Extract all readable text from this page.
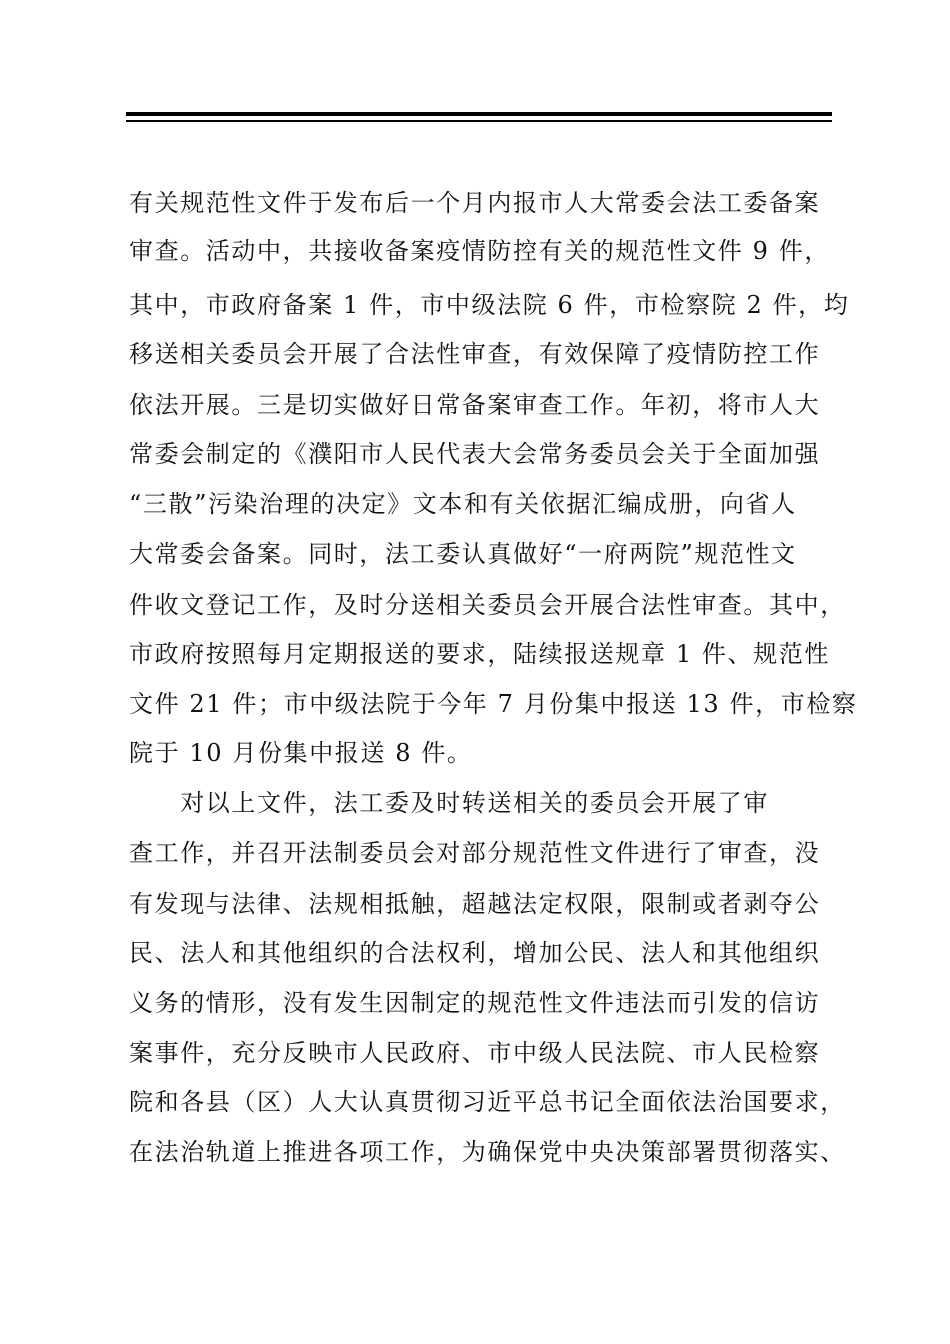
有关规范性文件于发布后一个月内报市人大常委会法工委备案
审查。活动中，共接收备案疫情防控有关的规范性文件 9 件，
其中，市政府备案 1 件，市中级法院 6 件，市检察院 2 件，均
移送相关委员会开展了合法性审查，有效保障了疫情防控工作
依法开展。三是切实做好日常备案审查工作。年初，将市人大
常委会制定的《濮阳市人民代表大会常务委员会关于全面加强
“三散”污染治理的决定》文本和有关依据汇编成册，向省人
大常委会备案。同时，法工委认真做好“一府两院”规范性文
件收文登记工作，及时分送相关委员会开展合法性审查。其中，
市政府按照每月定期报送的要求，陆续报送规章 1 件、规范性
文件 21 件；市中级法院于今年 7 月份集中报送 13 件，市检察
院于 10 月份集中报送 8 件。
　　对以上文件，法工委及时转送相关的委员会开展了审
查工作，并召开法制委员会对部分规范性文件进行了审查，没
有发现与法律、法规相抵触，超越法定权限，限制或者剥夺公
民、法人和其他组织的合法权利，增加公民、法人和其他组织
义务的情形，没有发生因制定的规范性文件违法而引发的信访
案事件，充分反映市人民政府、市中级人民法院、市人民检察
院和各县（区）人大认真贯彻习近平总书记全面依法治国要求，
在法治轨道上推进各项工作，为确保党中央决策部署贯彻落实、
